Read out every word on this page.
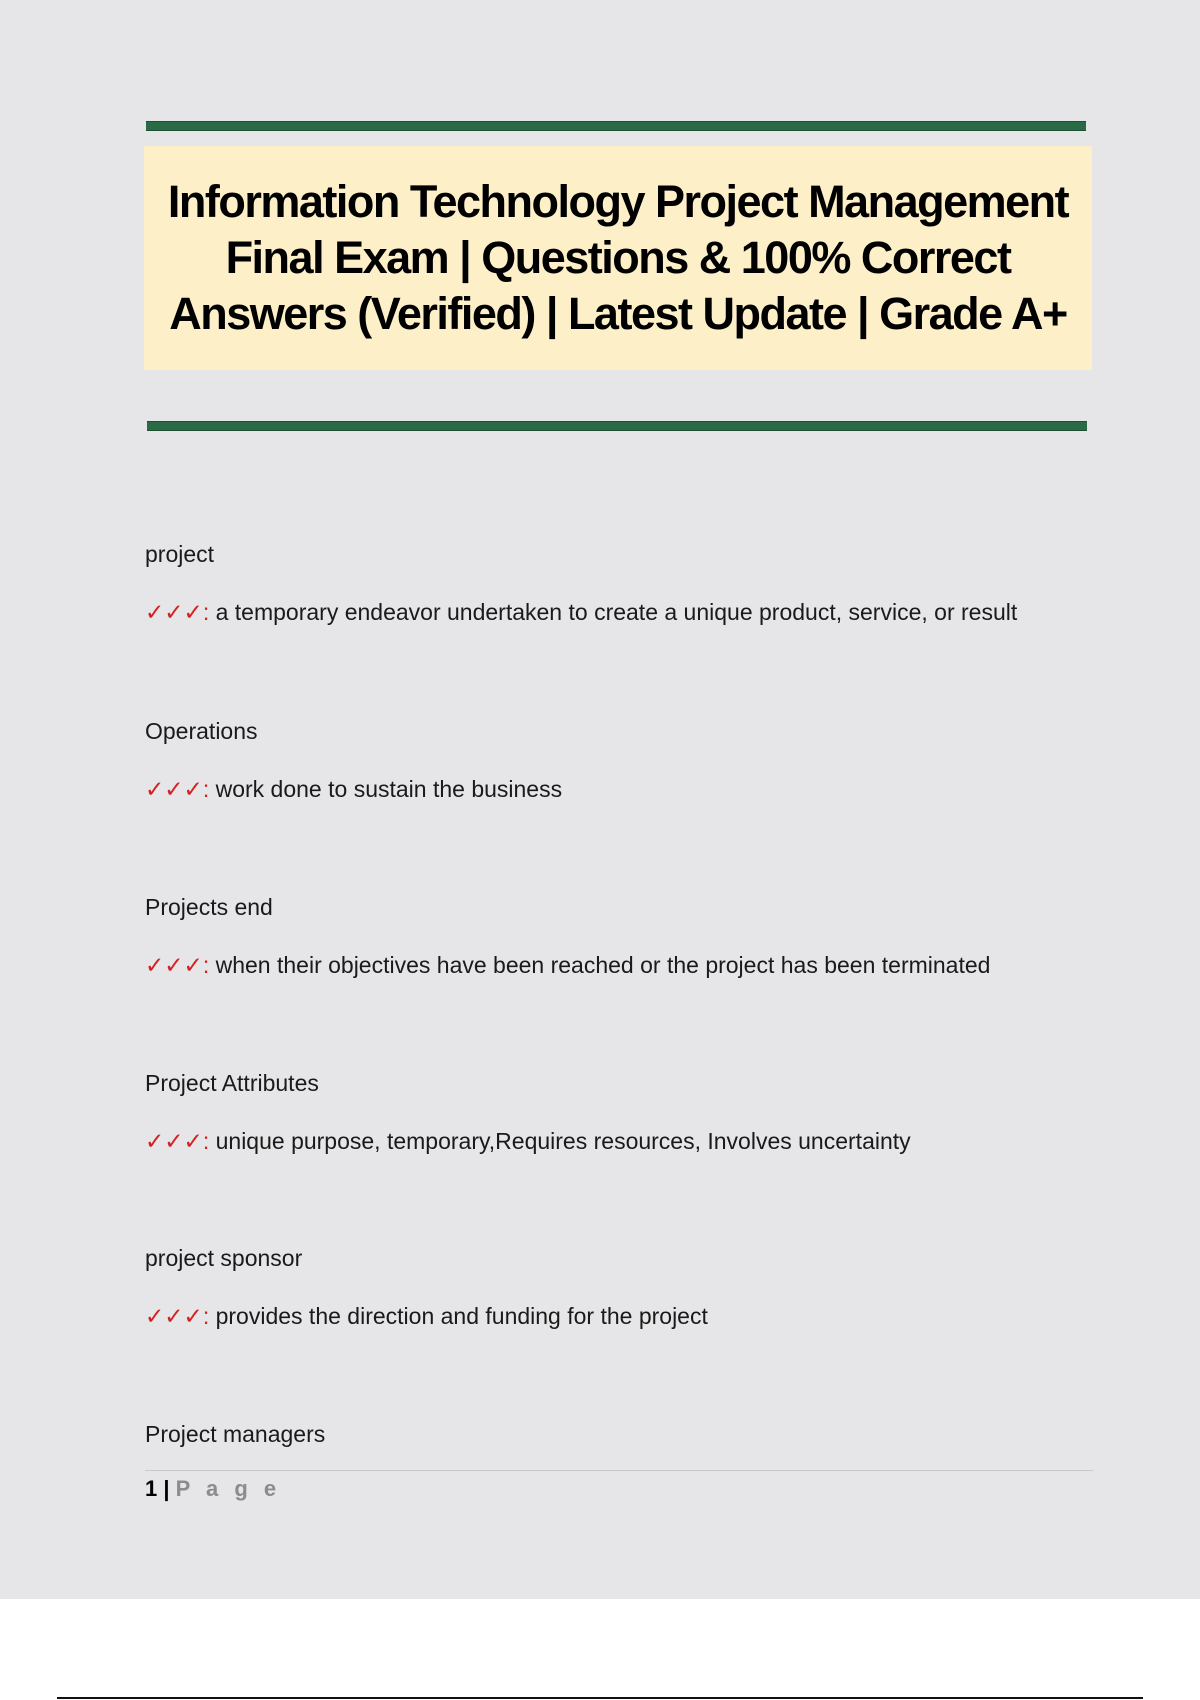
Information Technology Project Management Final Exam | Questions & 100% Correct Answers (Verified) | Latest Update | Grade A+
project
✓✓✓: a temporary endeavor undertaken to create a unique product, service, or result
Operations
✓✓✓: work done to sustain the business
Projects end
✓✓✓: when their objectives have been reached or the project has been terminated
Project Attributes
✓✓✓: unique purpose, temporary,Requires resources, Involves uncertainty
project sponsor
✓✓✓: provides the direction and funding for the project
Project managers
1 | P a g e
